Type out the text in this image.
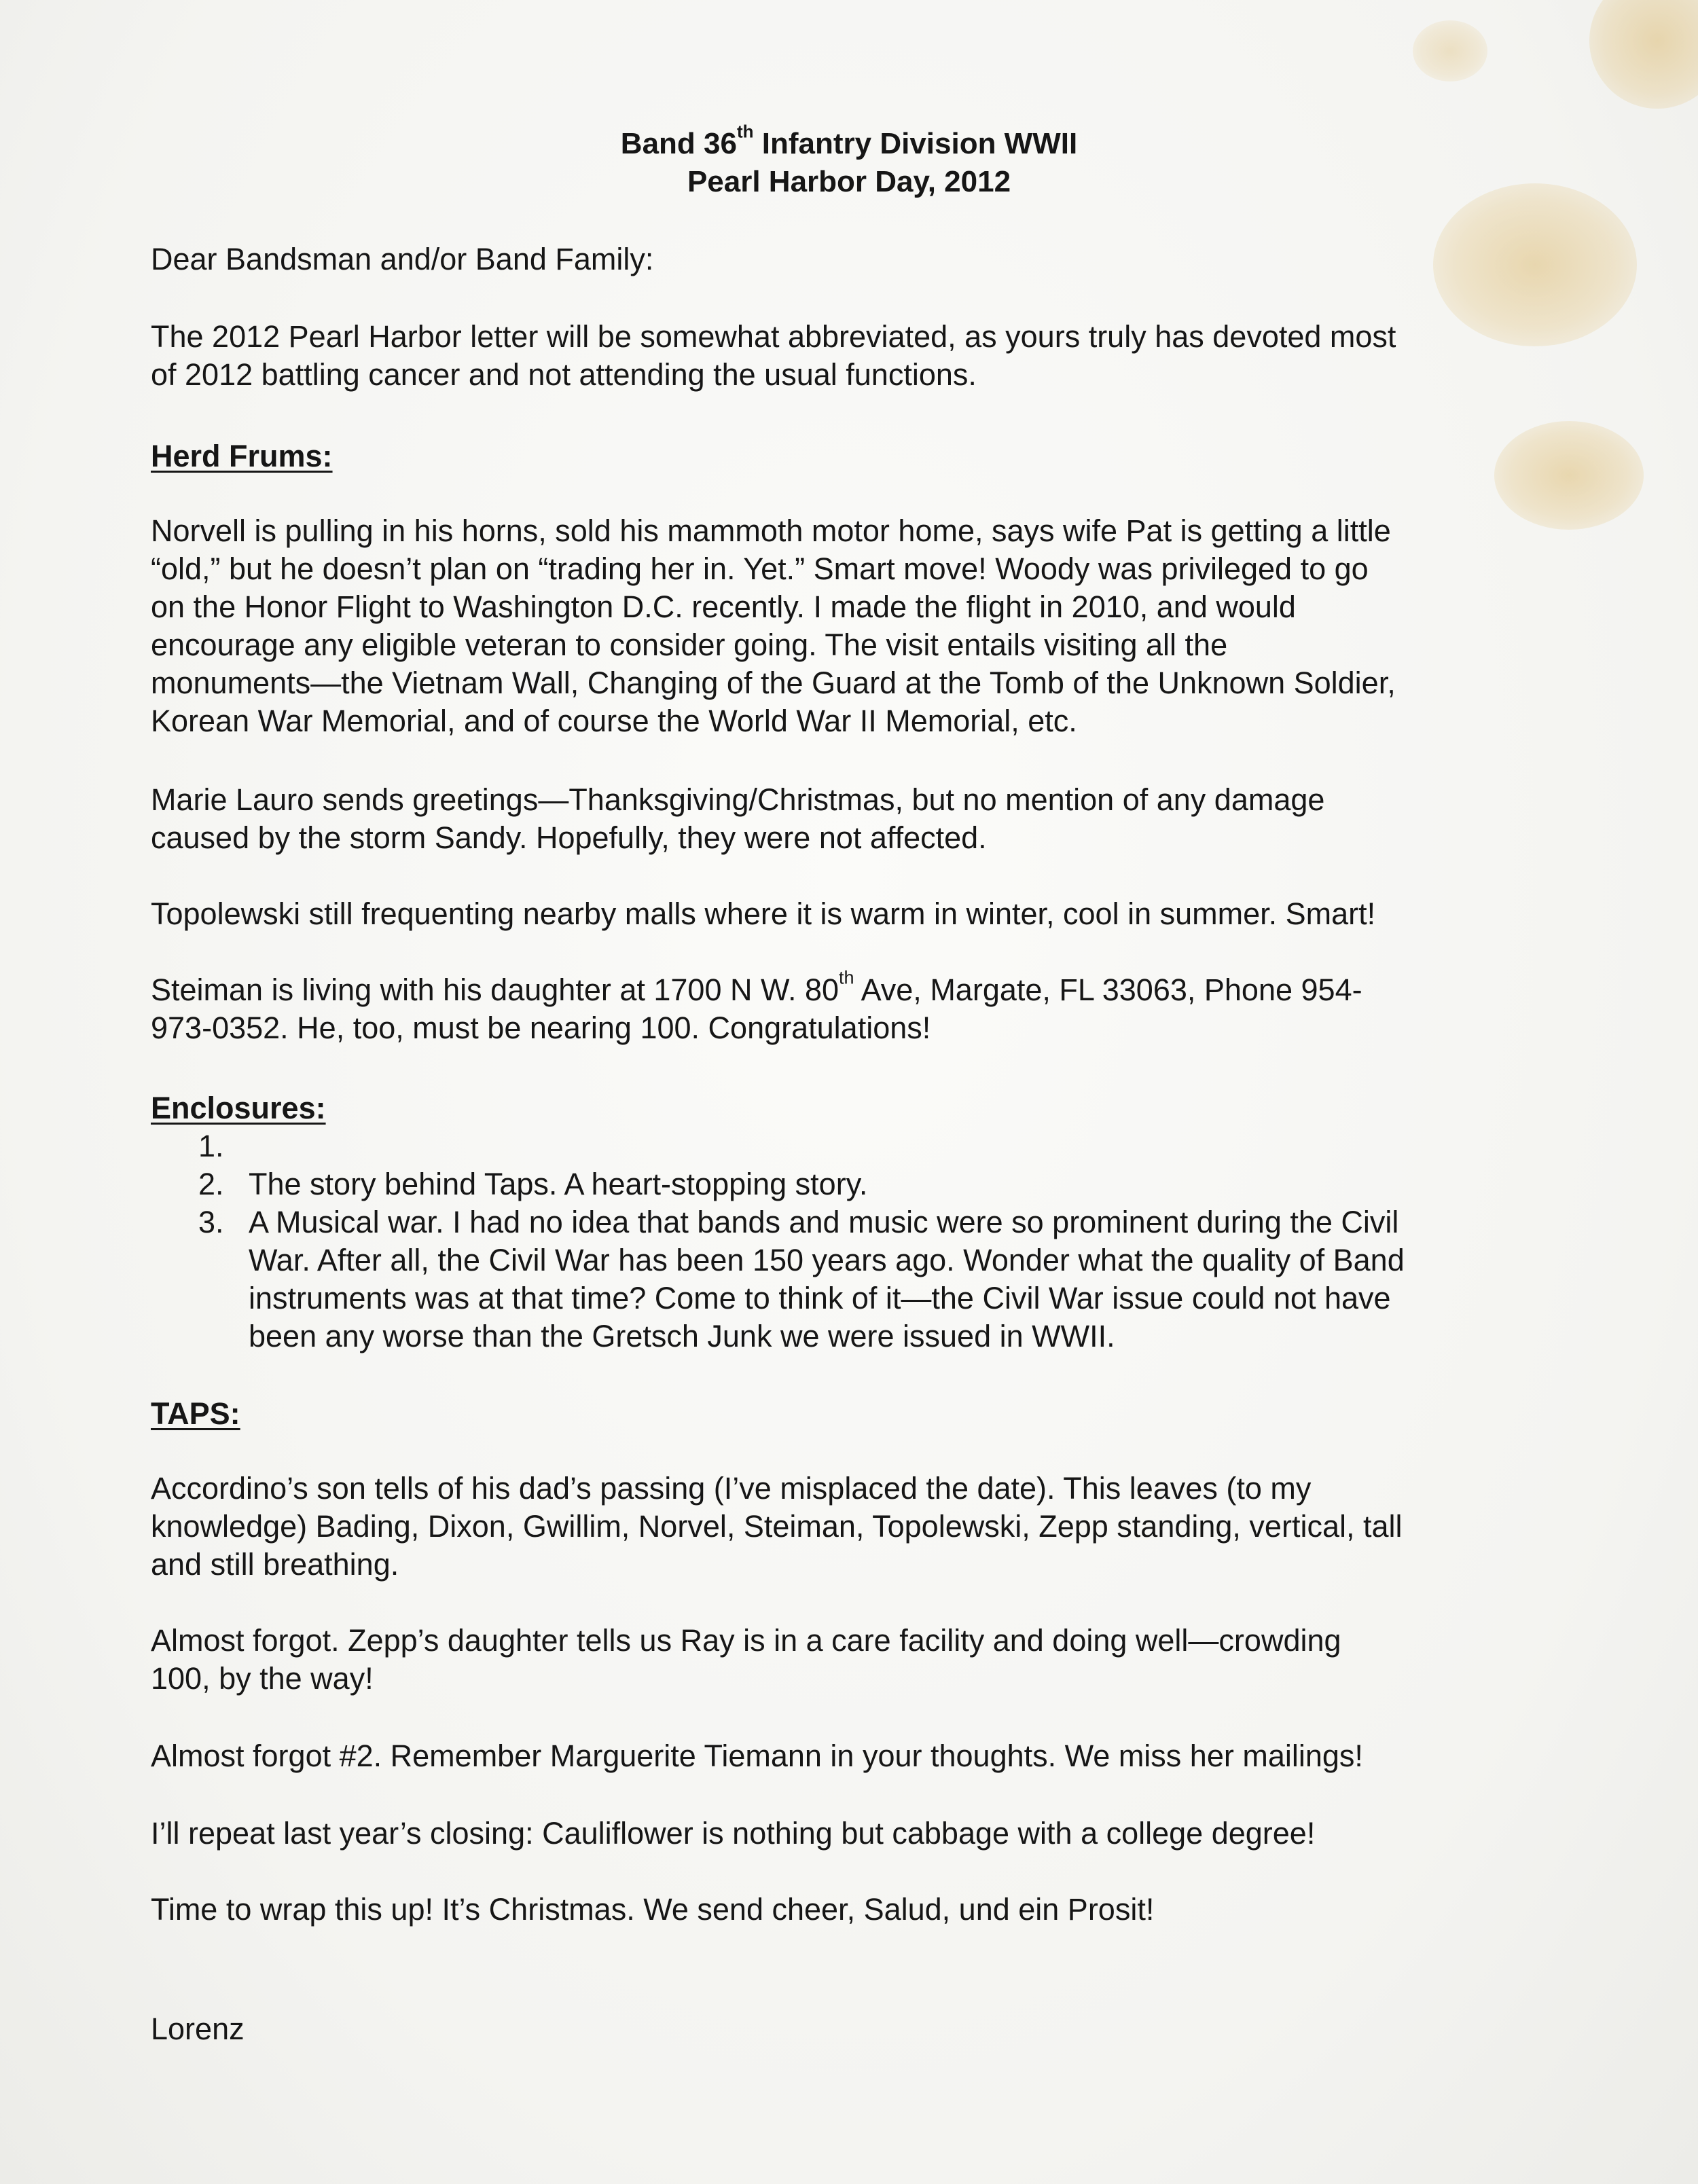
Band 36th Infantry Division WWII
Pearl Harbor Day, 2012
Dear Bandsman and/or Band Family:
The 2012 Pearl Harbor letter will be somewhat abbreviated, as yours truly has devoted most
of 2012 battling cancer and not attending the usual functions.
Herd Frums:
Norvell is pulling in his horns, sold his mammoth motor home, says wife Pat is getting a little
“old,” but he doesn’t plan on “trading her in. Yet.” Smart move! Woody was privileged to go
on the Honor Flight to Washington D.C. recently. I made the flight in 2010, and would
encourage any eligible veteran to consider going. The visit entails visiting all the
monuments—the Vietnam Wall, Changing of the Guard at the Tomb of the Unknown Soldier,
Korean War Memorial, and of course the World War II Memorial, etc.
Marie Lauro sends greetings—Thanksgiving/Christmas, but no mention of any damage
caused by the storm Sandy. Hopefully, they were not affected.
Topolewski still frequenting nearby malls where it is warm in winter, cool in summer. Smart!
Steiman is living with his daughter at 1700 N W. 80th Ave, Margate, FL 33063, Phone 954-
973-0352. He, too, must be nearing 100. Congratulations!
Enclosures:
1.
2. The story behind Taps. A heart-stopping story.
3. A Musical war. I had no idea that bands and music were so prominent during the Civil
War. After all, the Civil War has been 150 years ago. Wonder what the quality of Band
instruments was at that time? Come to think of it—the Civil War issue could not have
been any worse than the Gretsch Junk we were issued in WWII.
TAPS:
Accordino’s son tells of his dad’s passing (I’ve misplaced the date). This leaves (to my
knowledge) Bading, Dixon, Gwillim, Norvel, Steiman, Topolewski, Zepp standing, vertical, tall
and still breathing.
Almost forgot. Zepp’s daughter tells us Ray is in a care facility and doing well—crowding
100, by the way!
Almost forgot #2. Remember Marguerite Tiemann in your thoughts. We miss her mailings!
I’ll repeat last year’s closing: Cauliflower is nothing but cabbage with a college degree!
Time to wrap this up! It’s Christmas. We send cheer, Salud, und ein Prosit!
Lorenz
